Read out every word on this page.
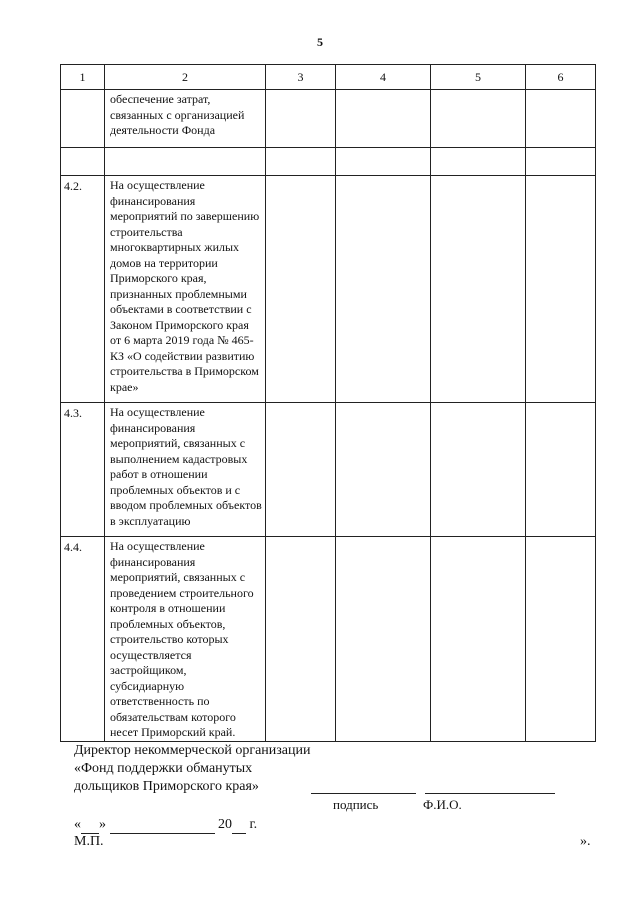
5
1	2	3	4	5	6
	обеспечение затрат, связанных с организацией деятельности Фонда				

4.2.	На осуществление финансирования мероприятий по завершению строительства многоквартирных жилых домов на территории Приморского края, признанных проблемными объектами в соответствии с Законом Приморского края от 6 марта 2019 года № 465-КЗ «О содействии развитию строительства в Приморском крае»				
4.3.	На осуществление финансирования мероприятий, связанных с выполнением кадастровых работ в отношении проблемных объектов и с вводом проблемных объектов в эксплуатацию				
4.4.	На осуществление финансирования мероприятий, связанных с проведением строительного контроля в отношении проблемных объектов, строительство которых осуществляется застройщиком, субсидиарную ответственность по обязательствам которого несет Приморский край.				
Директор некоммерческой организации
«Фонд поддержки обманутых
дольщиков Приморского края»
подпись	Ф.И.О.
« »	20 г.
М.П.	».
